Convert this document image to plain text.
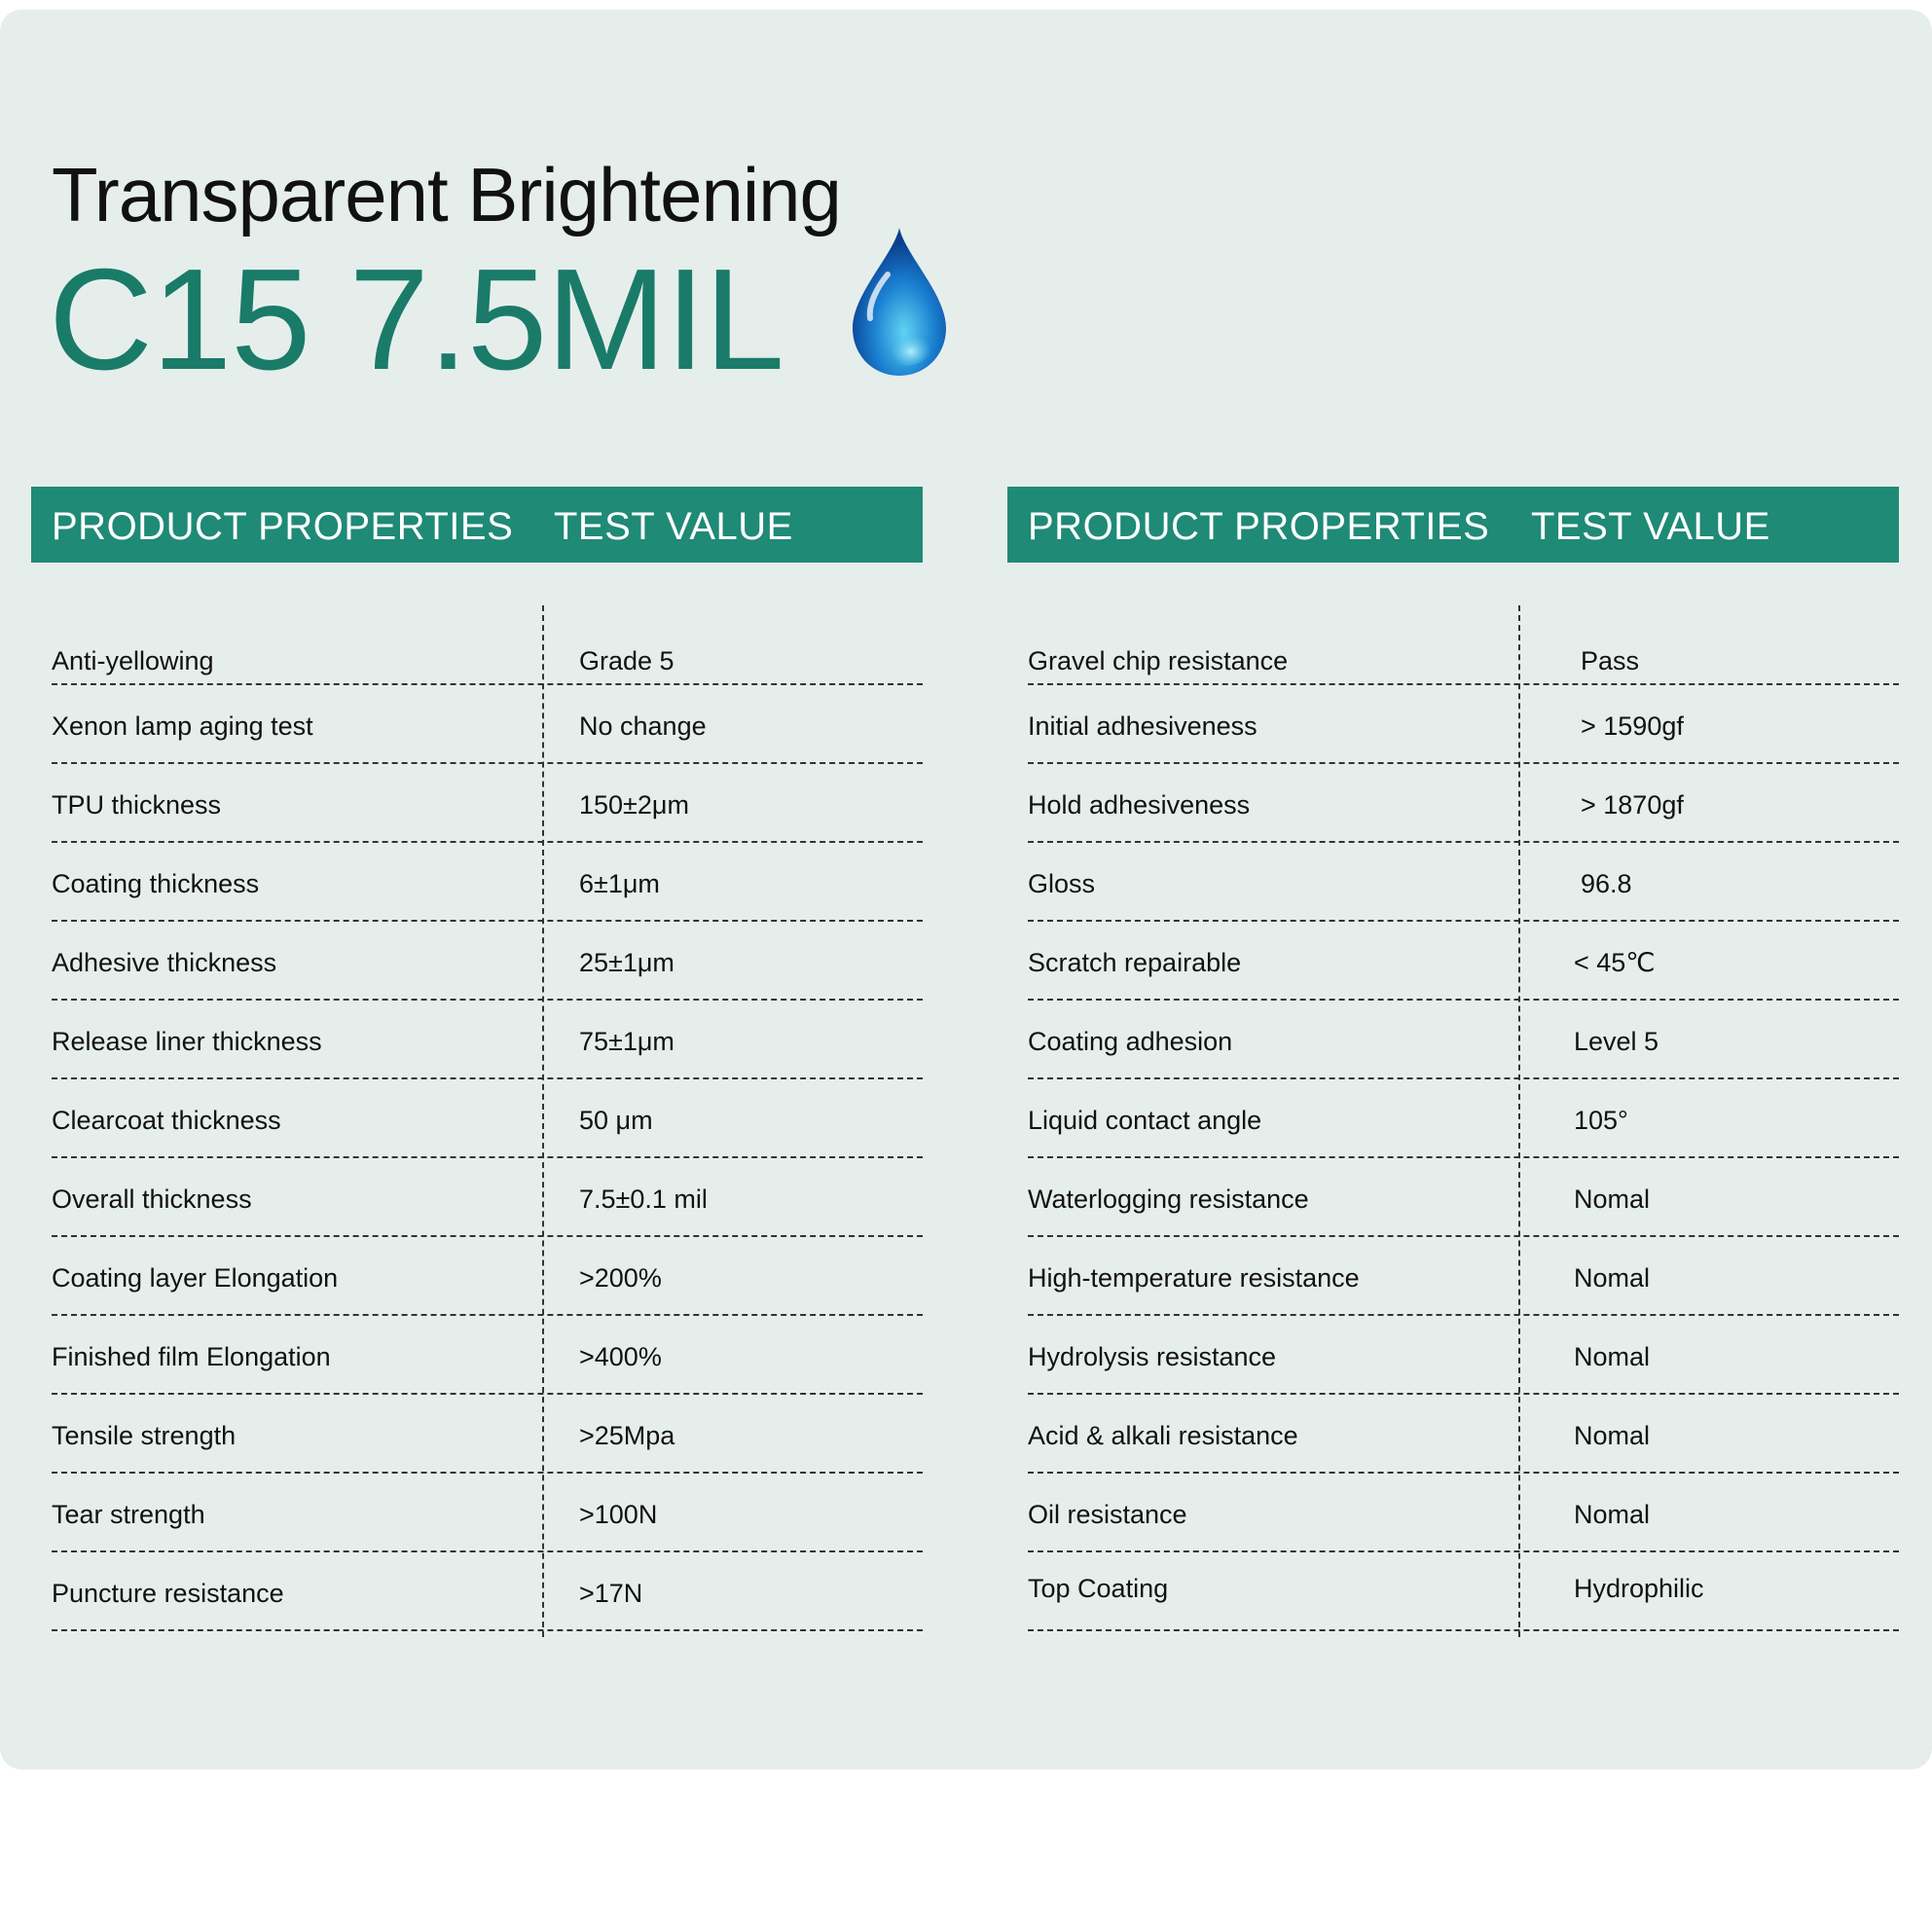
Transparent Brightening
C15 7.5MIL
PRODUCT PROPERTIES TEST VALUE
Anti-yellowing	Grade 5
Xenon lamp aging test	No change
TPU thickness	150±2μm
Coating thickness	6±1μm
Adhesive thickness	25±1μm
Release liner thickness	75±1μm
Clearcoat thickness	50 μm
Overall thickness	7.5±0.1 mil
Coating layer Elongation	>200%
Finished film Elongation	>400%
Tensile strength	>25Mpa
Tear strength	>100N
Puncture resistance	>17N
PRODUCT PROPERTIES TEST VALUE
Gravel chip resistance	Pass
Initial adhesiveness	> 1590gf
Hold adhesiveness	> 1870gf
Gloss	96.8
Scratch repairable	< 45℃
Coating adhesion	Level 5
Liquid contact angle	105°
Waterlogging resistance	Nomal
High-temperature resistance	Nomal
Hydrolysis resistance	Nomal
Acid & alkali resistance	Nomal
Oil resistance	Nomal
Top Coating	Hydrophilic
